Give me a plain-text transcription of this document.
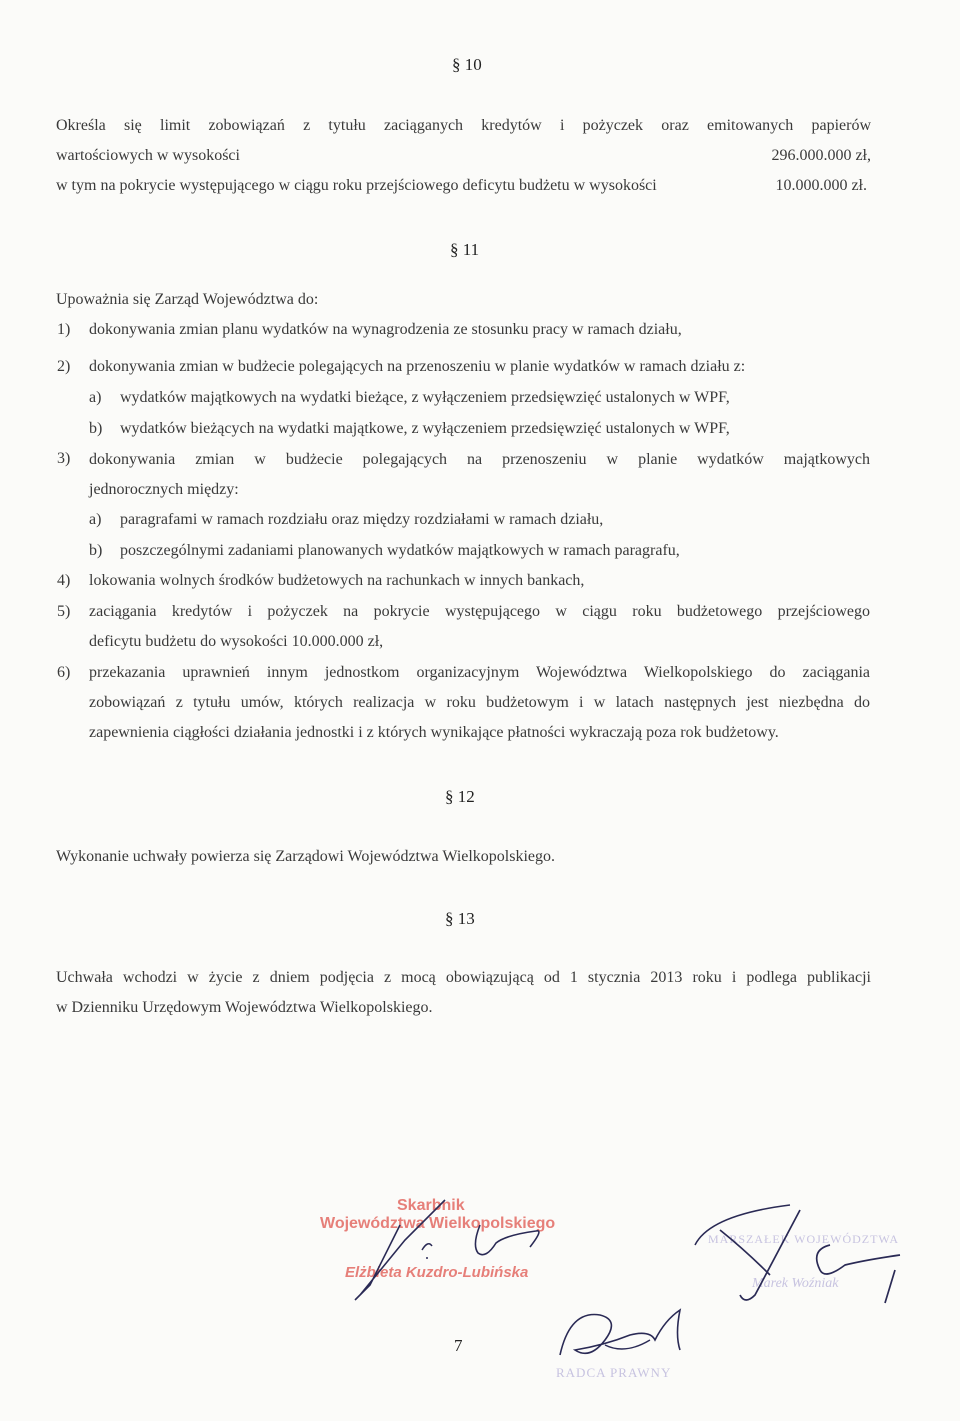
§ 10
Określa się limit zobowiązań z tytułu zaciąganych kredytów i pożyczek oraz emitowanych papierów
wartościowych w wysokości	296.000.000 zł,
w tym na pokrycie występującego w ciągu roku przejściowego deficytu budżetu w wysokości	10.000.000 zł.
§ 11
Upoważnia się Zarząd Województwa do:
1) dokonywania zmian planu wydatków na wynagrodzenia ze stosunku pracy w ramach działu,
2) dokonywania zmian w budżecie polegających na przenoszeniu w planie wydatków w ramach działu z:
a) wydatków majątkowych na wydatki bieżące, z wyłączeniem przedsięwzięć ustalonych w WPF,
b) wydatków bieżących na wydatki majątkowe, z wyłączeniem przedsięwzięć ustalonych w WPF,
3) dokonywania zmian w budżecie polegających na przenoszeniu w planie wydatków majątkowych
jednorocznych między:
a) paragrafami w ramach rozdziału oraz między rozdziałami w ramach działu,
b) poszczególnymi zadaniami planowanych wydatków majątkowych w ramach paragrafu,
4) lokowania wolnych środków budżetowych na rachunkach w innych bankach,
5) zaciągania kredytów i pożyczek na pokrycie występującego w ciągu roku budżetowego przejściowego
deficytu budżetu do wysokości 10.000.000 zł,
6) przekazania uprawnień innym jednostkom organizacyjnym Województwa Wielkopolskiego do zaciągania
zobowiązań z tytułu umów, których realizacja w roku budżetowym i w latach następnych jest niezbędna do
zapewnienia ciągłości działania jednostki i z których wynikające płatności wykraczają poza rok budżetowy.
§ 12
Wykonanie uchwały powierza się Zarządowi Województwa Wielkopolskiego.
§ 13
Uchwała wchodzi w życie z dniem podjęcia z mocą obowiązującą od 1 stycznia 2013 roku i podlega publikacji
w Dzienniku Urzędowym Województwa Wielkopolskiego.
Skarbnik
Województwa Wielkopolskiego
Elżbieta Kuzdro-Lubińska
MARSZAŁEK WOJEWÓDZTWA
Marek Woźniak
RADCA PRAWNY
7
